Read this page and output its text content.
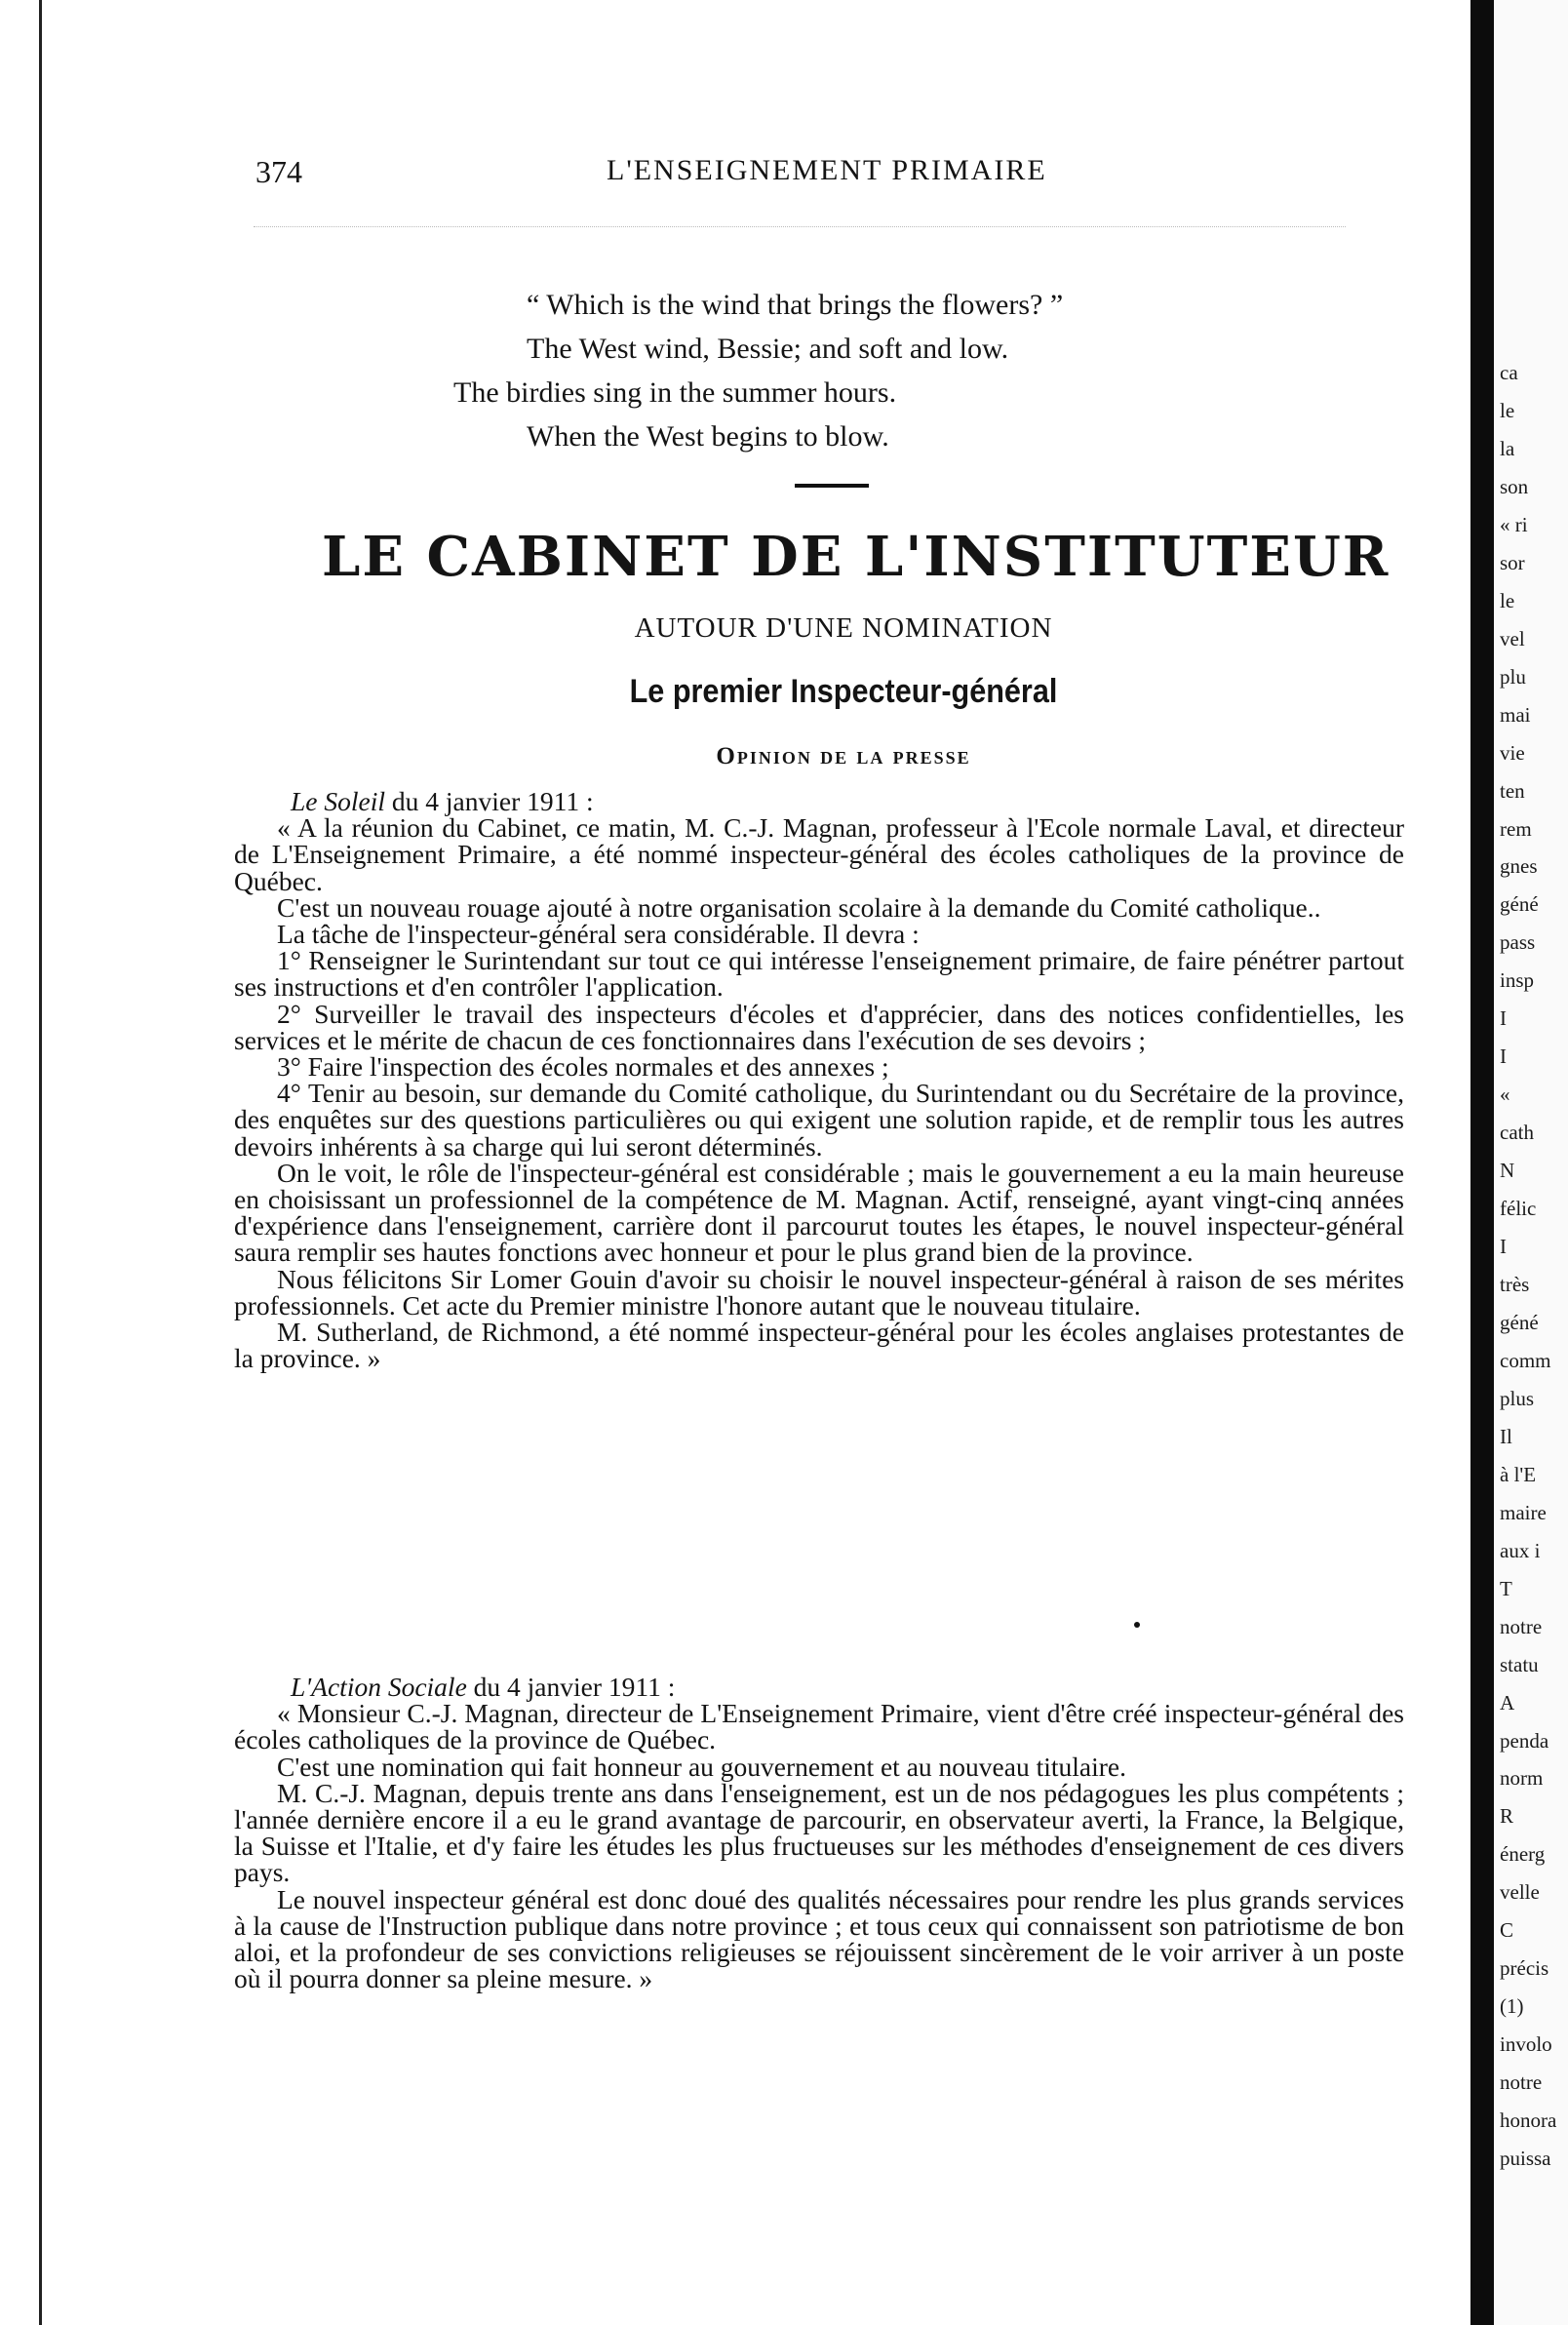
374	L'ENSEIGNEMENT PRIMAIRE
“ Which is the wind that brings the flowers? ”
The West wind, Bessie; and soft and low.
The birdies sing in the summer hours.
When the West begins to blow.
LE CABINET DE L'INSTITUTEUR
AUTOUR D'UNE NOMINATION
Le premier Inspecteur-général
Opinion de la presse

Le Soleil du 4 janvier 1911 :

« A la réunion du Cabinet, ce matin, M. C.-J. Magnan, professeur à l'Ecole normale Laval, et directeur de L'Enseignement Primaire, a été nommé inspecteur-général des écoles catholiques de la province de Québec.

C'est un nouveau rouage ajouté à notre organisation scolaire à la demande du Comité catholique..

La tâche de l'inspecteur-général sera considérable. Il devra :

1° Renseigner le Surintendant sur tout ce qui intéresse l'enseignement primaire, de faire pénétrer partout ses instructions et d'en contrôler l'application.

2° Surveiller le travail des inspecteurs d'écoles et d'apprécier, dans des notices confidentielles, les services et le mérite de chacun de ces fonctionnaires dans l'exécution de ses devoirs ;

3° Faire l'inspection des écoles normales et des annexes ;

4° Tenir au besoin, sur demande du Comité catholique, du Surintendant ou du Secrétaire de la province, des enquêtes sur des questions particulières ou qui exigent une solution rapide, et de remplir tous les autres devoirs inhérents à sa charge qui lui seront déterminés.

On le voit, le rôle de l'inspecteur-général est considérable ; mais le gouvernement a eu la main heureuse en choisissant un professionnel de la compétence de M. Magnan. Actif, renseigné, ayant vingt-cinq années d'expérience dans l'enseignement, carrière dont il parcourut toutes les étapes, le nouvel inspecteur-général saura remplir ses hautes fonctions avec honneur et pour le plus grand bien de la province.

Nous félicitons Sir Lomer Gouin d'avoir su choisir le nouvel inspecteur-général à raison de ses mérites professionnels. Cet acte du Premier ministre l'honore autant que le nouveau titulaire.

M. Sutherland, de Richmond, a été nommé inspecteur-général pour les écoles anglaises protestantes de la province. »

L'Action Sociale du 4 janvier 1911 :

« Monsieur C.-J. Magnan, directeur de L'Enseignement Primaire, vient d'être créé inspecteur-général des écoles catholiques de la province de Québec.

C'est une nomination qui fait honneur au gouvernement et au nouveau titulaire.

M. C.-J. Magnan, depuis trente ans dans l'enseignement, est un de nos pédagogues les plus compétents ; l'année dernière encore il a eu le grand avantage de parcourir, en observateur averti, la France, la Belgique, la Suisse et l'Italie, et d'y faire les études les plus fructueuses sur les méthodes d'enseignement de ces divers pays.

Le nouvel inspecteur général est donc doué des qualités nécessaires pour rendre les plus grands services à la cause de l'Instruction publique dans notre province ; et tous ceux qui connaissent son patriotisme de bon aloi, et la profondeur de ses convictions religieuses se réjouissent sincèrement de le voir arriver à un poste où il pourra donner sa pleine mesure. »

ca
le
la
son
« ri
sor
le
vel
plu
mai
vie
ten
rem
gnes
géné
pass
insp
I
I
«
cath
N
félic
I
très
géné
comm
plus
Il
à l'E
maire
aux i
T
notre
statu
A
penda
norm
R
énerg
velle
C
précis
(1)
involo
notre
honora
puissa
